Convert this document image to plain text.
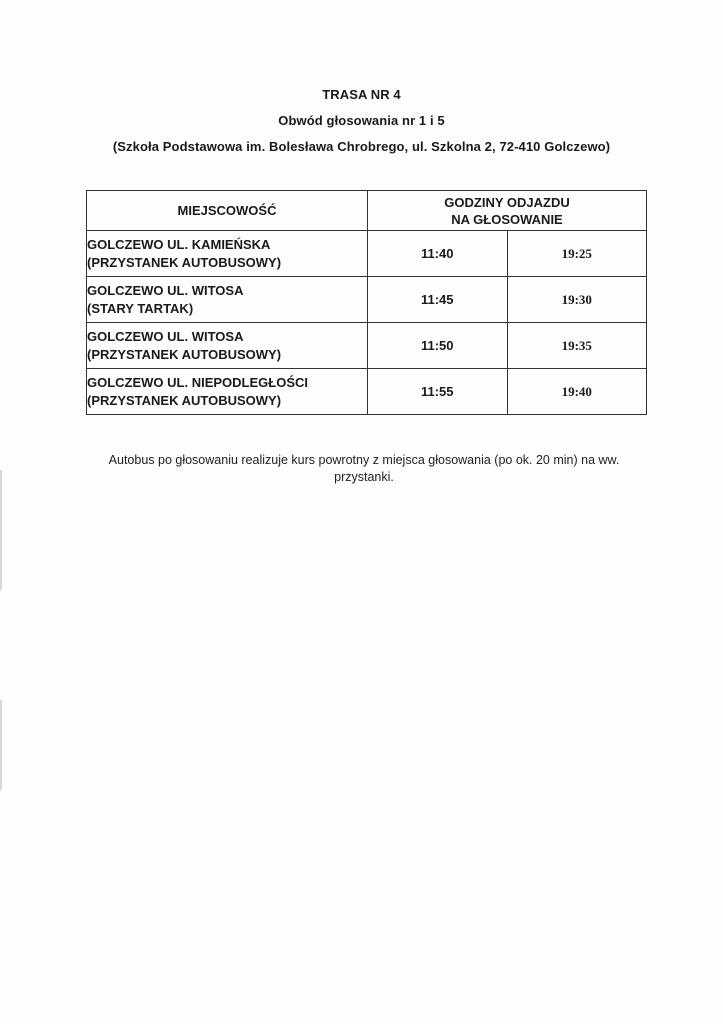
TRASA NR 4
Obwód głosowania nr 1 i 5
(Szkoła Podstawowa im. Bolesława Chrobrego, ul. Szkolna 2, 72-410 Golczewo)
MIEJSCOWOŚĆ	GODZINY ODJAZDU
NA GŁOSOWANIE	

GOLCZEWO UL. KAMIEŃSKA
(PRZYSTANEK AUTOBUSOWY)	11:40	19:25

GOLCZEWO UL. WITOSA
(STARY TARTAK)	11:45	19:30

GOLCZEWO UL. WITOSA
(PRZYSTANEK AUTOBUSOWY)	11:50	19:35

GOLCZEWO UL. NIEPODLEGŁOŚCI
(PRZYSTANEK AUTOBUSOWY)	11:55	19:40
Autobus po głosowaniu realizuje kurs powrotny z miejsca głosowania (po ok. 20 min) na ww.
przystanki.
